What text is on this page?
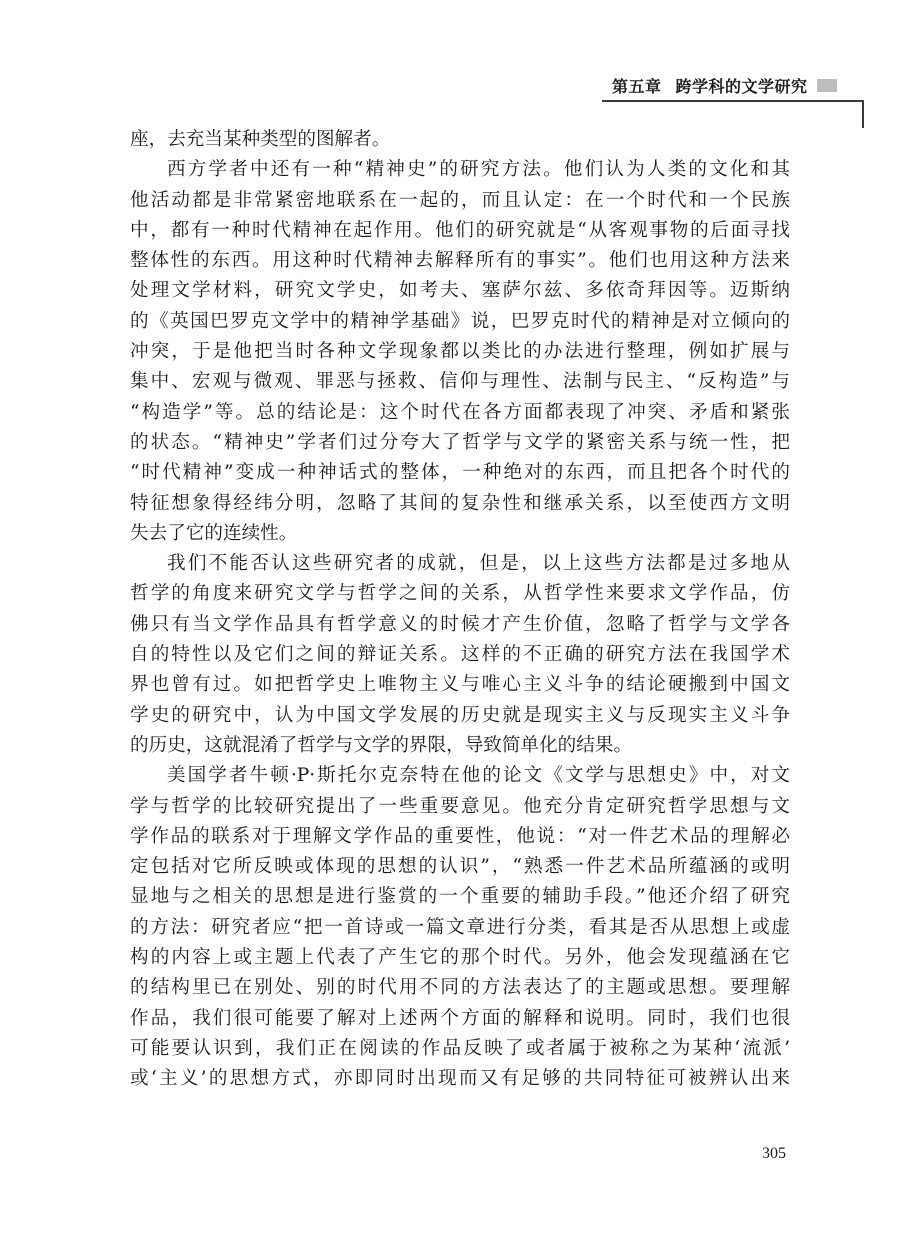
第五章 跨学科的文学研究
座，去充当某种类型的图解者。
西方学者中还有一种“精神史”的研究方法。他们认为人类的文化和其
他活动都是非常紧密地联系在一起的，而且认定：在一个时代和一个民族
中，都有一种时代精神在起作用。他们的研究就是“从客观事物的后面寻找
整体性的东西。用这种时代精神去解释所有的事实”。他们也用这种方法来
处理文学材料，研究文学史，如考夫、塞萨尔兹、多依奇拜因等。迈斯纳
的《英国巴罗克文学中的精神学基础》说，巴罗克时代的精神是对立倾向的
冲突，于是他把当时各种文学现象都以类比的办法进行整理，例如扩展与
集中、宏观与微观、罪恶与拯救、信仰与理性、法制与民主、“反构造”与
“构造学”等。总的结论是：这个时代在各方面都表现了冲突、矛盾和紧张
的状态。“精神史”学者们过分夸大了哲学与文学的紧密关系与统一性，把
“时代精神”变成一种神话式的整体，一种绝对的东西，而且把各个时代的
特征想象得经纬分明，忽略了其间的复杂性和继承关系，以至使西方文明
失去了它的连续性。
我们不能否认这些研究者的成就，但是，以上这些方法都是过多地从
哲学的角度来研究文学与哲学之间的关系，从哲学性来要求文学作品，仿
佛只有当文学作品具有哲学意义的时候才产生价值，忽略了哲学与文学各
自的特性以及它们之间的辩证关系。这样的不正确的研究方法在我国学术
界也曾有过。如把哲学史上唯物主义与唯心主义斗争的结论硬搬到中国文
学史的研究中，认为中国文学发展的历史就是现实主义与反现实主义斗争
的历史，这就混淆了哲学与文学的界限，导致简单化的结果。
美国学者牛顿·P·斯托尔克奈特在他的论文《文学与思想史》中，对文
学与哲学的比较研究提出了一些重要意见。他充分肯定研究哲学思想与文
学作品的联系对于理解文学作品的重要性，他说：“对一件艺术品的理解必
定包括对它所反映或体现的思想的认识”，“熟悉一件艺术品所蕴涵的或明
显地与之相关的思想是进行鉴赏的一个重要的辅助手段。”他还介绍了研究
的方法：研究者应“把一首诗或一篇文章进行分类，看其是否从思想上或虚
构的内容上或主题上代表了产生它的那个时代。另外，他会发现蕴涵在它
的结构里已在别处、别的时代用不同的方法表达了的主题或思想。要理解
作品，我们很可能要了解对上述两个方面的解释和说明。同时，我们也很
可能要认识到，我们正在阅读的作品反映了或者属于被称之为某种‘流派’
或‘主义’的思想方式，亦即同时出现而又有足够的共同特征可被辨认出来
305
